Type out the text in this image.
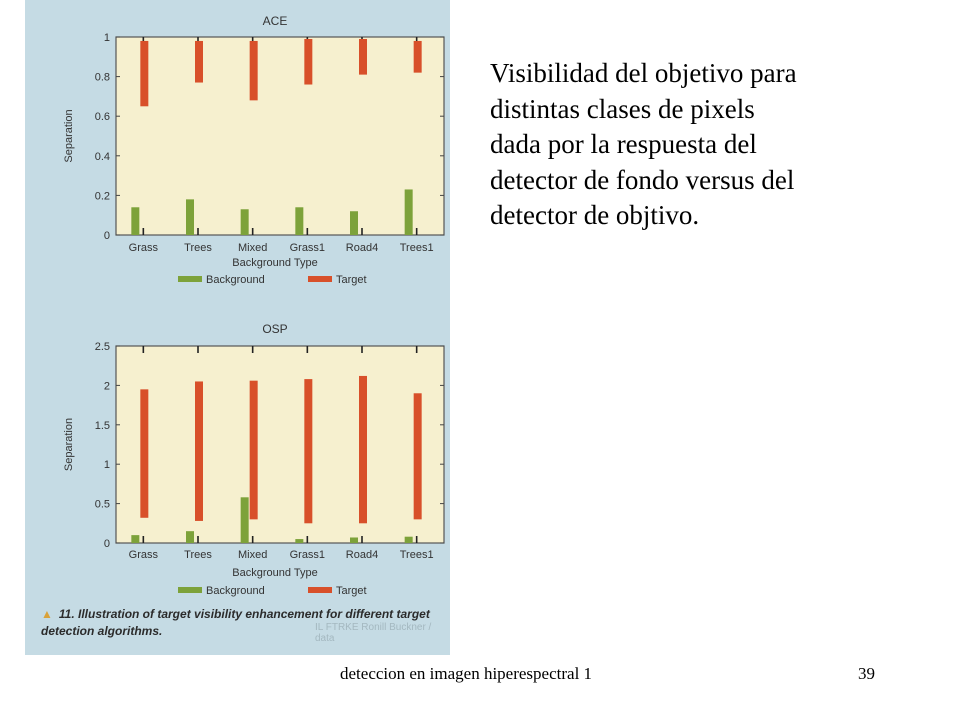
ACE
0
0.2
0.4
0.6
0.8
1
Separation
Grass Trees Mixed Grass1 Road4 Trees1
Background Type
Background	Target
OSP
0
0.5
1
1.5
2
2.5
Separation
Grass Trees Mixed Grass1 Road4 Trees1
Background Type
Background	Target
IL FTRKE Ronill Buckner / data
▲ 11. Illustration of target visibility enhancement for different target detection algorithms.
Visibilidad del objetivo para
distintas clases de pixels
dada por la respuesta del
detector de fondo versus del
detector de objtivo.
deteccion en imagen hiperespectral 1	39
